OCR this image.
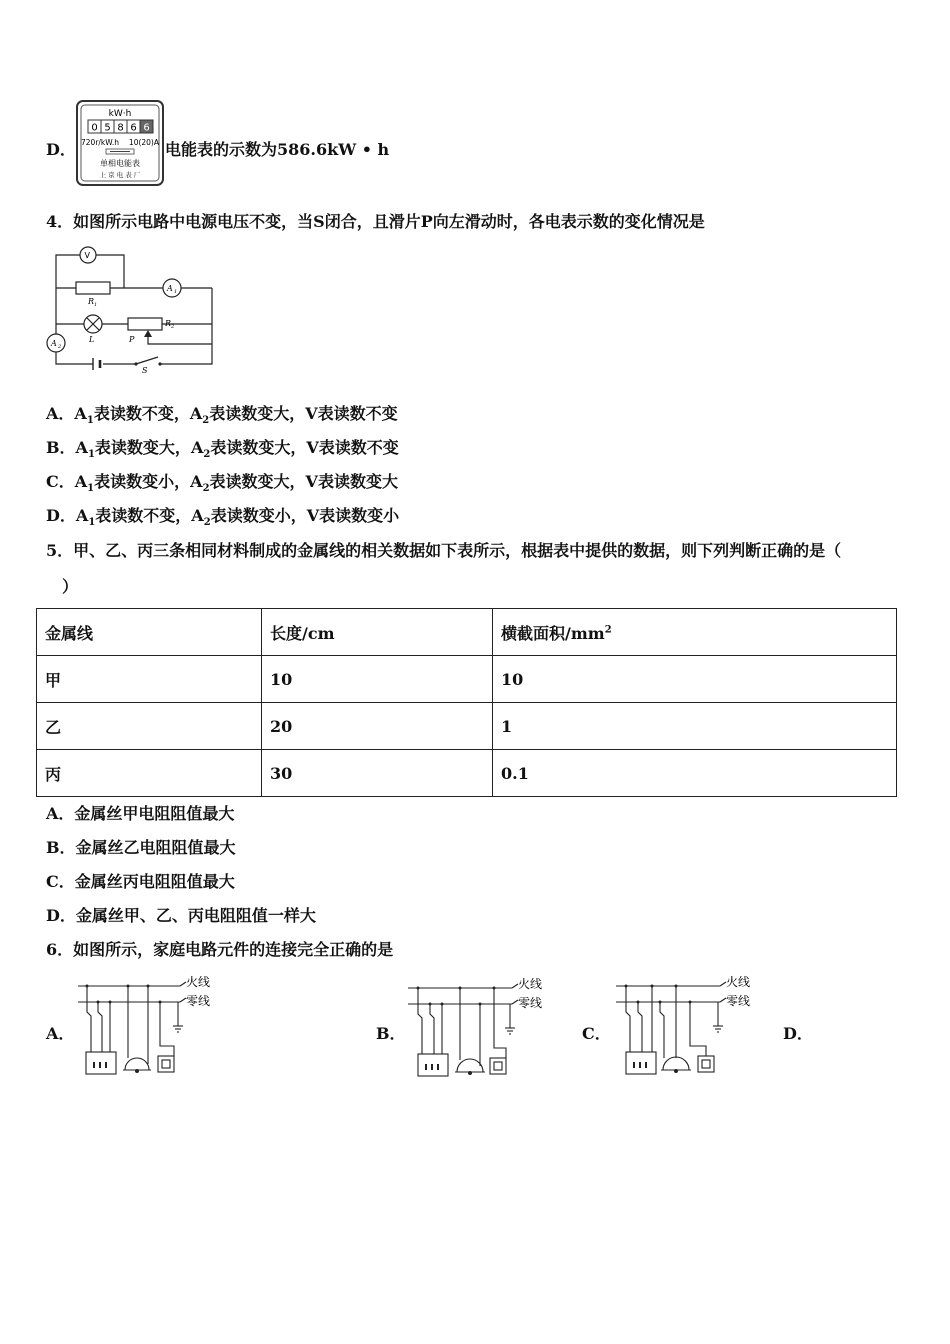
D．
kW·h
0 5 8 6 6
720r/kW.h 10(20)A
单相电能表
上 京 电 表 厂
电能表的示数为586.6kW • h
4．如图所示电路中电源电压不变，当S闭合，且滑片P向左滑动时，各电表示数的变化情况是
V
A 1
A 2
R 1
R 2
L	P
S
A．$A_1$表读数不变，$A_2$表读数变大，V表读数不变
B．$A_1$表读数变大，$A_2$表读数变大，V表读数不变
C．$A_1$表读数变小，$A_2$表读数变大，V表读数变大
D．$A_1$表读数不变，$A_2$表读数变小，V表读数变小
5．甲、乙、丙三条相同材料制成的金属线的相关数据如下表所示，根据表中提供的数据，则下列判断正确的是（
）
金属线	长度/cm	横截面积$/mm^2$
甲	10	10
乙	20	1
丙	30	0.1
A．金属丝甲电阻阻值最大
B．金属丝乙电阻阻值最大
C．金属丝丙电阻阻值最大
D．金属丝甲、乙、丙电阻阻值一样大
6．如图所示，家庭电路元件的连接完全正确的是
A．	B．	C．	D．
火线
零线
火线
零线
火线
零线
